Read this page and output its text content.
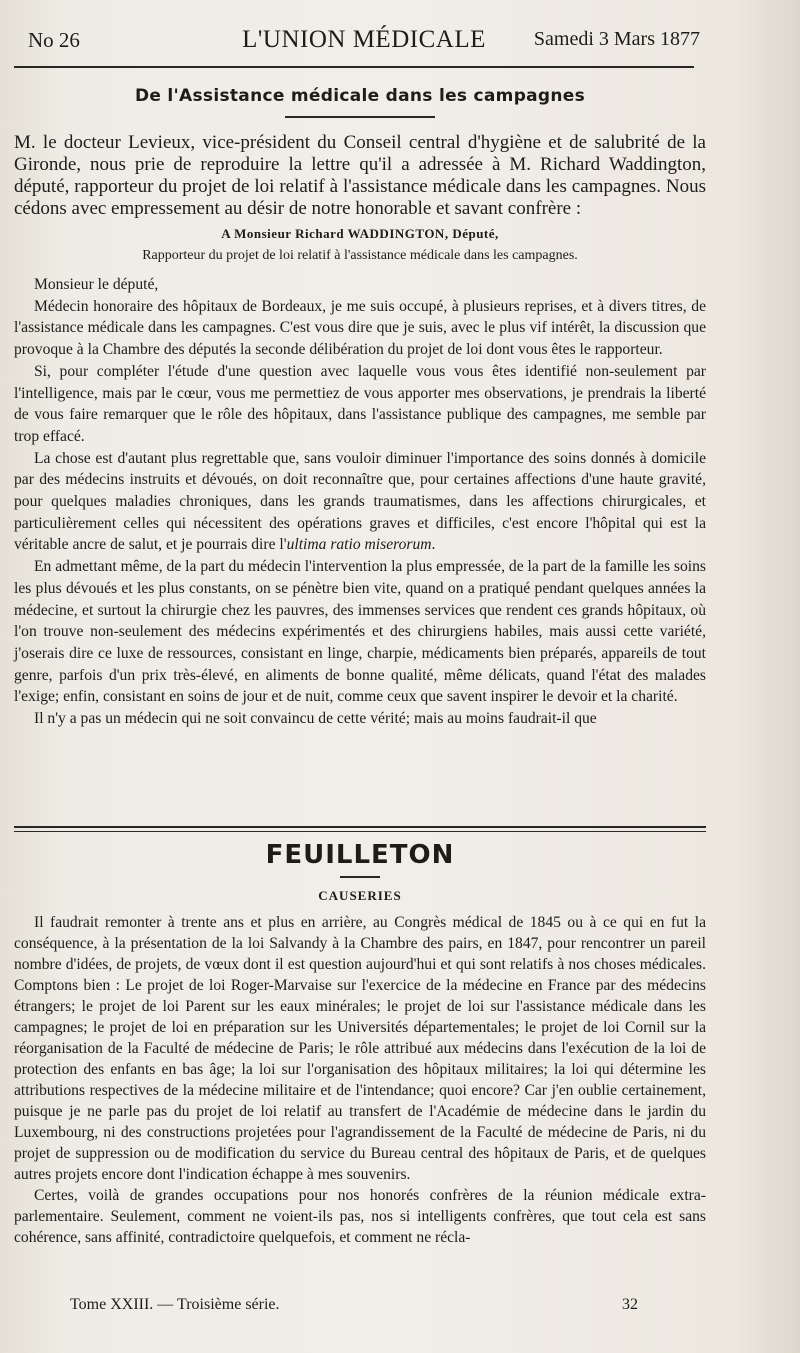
No 26	L'UNION MÉDICALE	Samedi 3 Mars 1877
De l'Assistance médicale dans les campagnes

M. le docteur Levieux, vice-président du Conseil central d'hygiène et de salubrité de la Gironde, nous prie de reproduire la lettre qu'il a adressée à M. Richard Waddington, député, rapporteur du projet de loi relatif à l'assistance médicale dans les campagnes. Nous cédons avec empressement au désir de notre honorable et savant confrère :

A Monsieur Richard WADDINGTON, Député,

Rapporteur du projet de loi relatif à l'assistance médicale dans les campagnes.

Monsieur le député,

Médecin honoraire des hôpitaux de Bordeaux, je me suis occupé, à plusieurs reprises, et à divers titres, de l'assistance médicale dans les campagnes. C'est vous dire que je suis, avec le plus vif intérêt, la discussion que provoque à la Chambre des députés la seconde délibération du projet de loi dont vous êtes le rapporteur.

Si, pour compléter l'étude d'une question avec laquelle vous vous êtes identifié non-seulement par l'intelligence, mais par le cœur, vous me permettiez de vous apporter mes observations, je prendrais la liberté de vous faire remarquer que le rôle des hôpitaux, dans l'assistance publique des campagnes, me semble par trop effacé.

La chose est d'autant plus regrettable que, sans vouloir diminuer l'importance des soins donnés à domicile par des médecins instruits et dévoués, on doit reconnaître que, pour certaines affections d'une haute gravité, pour quelques maladies chroniques, dans les grands traumatismes, dans les affections chirurgicales, et particulièrement celles qui nécessitent des opérations graves et difficiles, c'est encore l'hôpital qui est la véritable ancre de salut, et je pourrais dire l'ultima ratio miserorum.

En admettant même, de la part du médecin l'intervention la plus empressée, de la part de la famille les soins les plus dévoués et les plus constants, on se pénètre bien vite, quand on a pratiqué pendant quelques années la médecine, et surtout la chirurgie chez les pauvres, des immenses services que rendent ces grands hôpitaux, où l'on trouve non-seulement des médecins expérimentés et des chirurgiens habiles, mais aussi cette variété, j'oserais dire ce luxe de ressources, consistant en linge, charpie, médicaments bien préparés, appareils de tout genre, parfois d'un prix très-élevé, en aliments de bonne qualité, même délicats, quand l'état des malades l'exige; enfin, consistant en soins de jour et de nuit, comme ceux que savent inspirer le devoir et la charité.

Il n'y a pas un médecin qui ne soit convaincu de cette vérité; mais au moins faudrait-il que

FEUILLETON

CAUSERIES

Il faudrait remonter à trente ans et plus en arrière, au Congrès médical de 1845 ou à ce qui en fut la conséquence, à la présentation de la loi Salvandy à la Chambre des pairs, en 1847, pour rencontrer un pareil nombre d'idées, de projets, de vœux dont il est question aujourd'hui et qui sont relatifs à nos choses médicales. Comptons bien : Le projet de loi Roger-Marvaise sur l'exercice de la médecine en France par des médecins étrangers; le projet de loi Parent sur les eaux minérales; le projet de loi sur l'assistance médicale dans les campagnes; le projet de loi en préparation sur les Universités départementales; le projet de loi Cornil sur la réorganisation de la Faculté de médecine de Paris; le rôle attribué aux médecins dans l'exécution de la loi de protection des enfants en bas âge; la loi sur l'organisation des hôpitaux militaires; la loi qui détermine les attributions respectives de la médecine militaire et de l'intendance; quoi encore? Car j'en oublie certainement, puisque je ne parle pas du projet de loi relatif au transfert de l'Académie de médecine dans le jardin du Luxembourg, ni des constructions projetées pour l'agrandissement de la Faculté de médecine de Paris, ni du projet de suppression ou de modification du service du Bureau central des hôpitaux de Paris, et de quelques autres projets encore dont l'indication échappe à mes souvenirs.

Certes, voilà de grandes occupations pour nos honorés confrères de la réunion médicale extra-parlementaire. Seulement, comment ne voient-ils pas, nos si intelligents confrères, que tout cela est sans cohérence, sans affinité, contradictoire quelquefois, et comment ne récla-

Tome XXIII. — Troisième série.	32
